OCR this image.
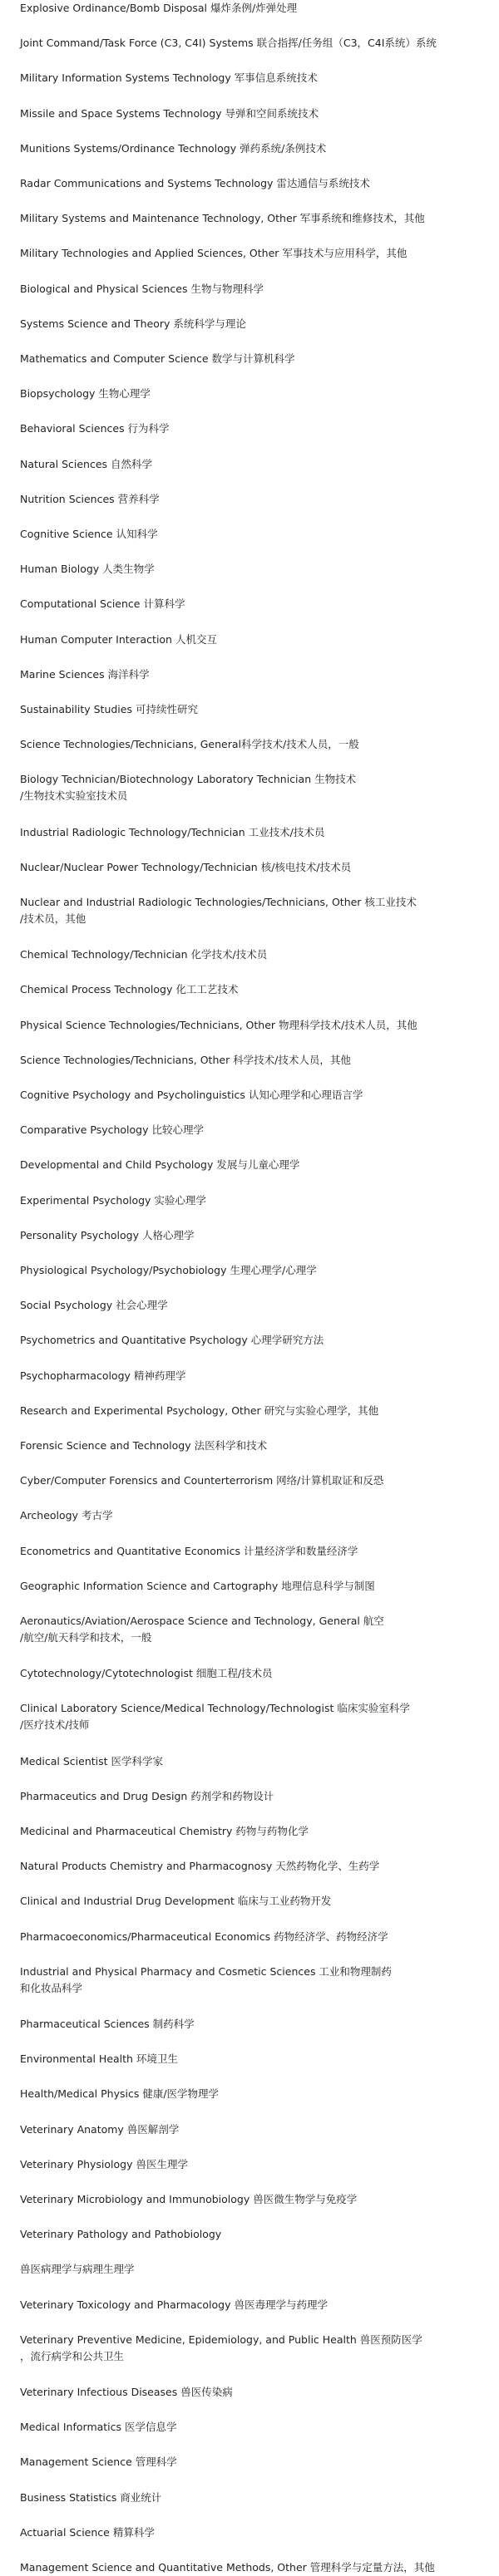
Explosive Ordinance/Bomb Disposal 爆炸条例/炸弹处理
Joint Command/Task Force (C3, C4I) Systems 联合指挥/任务组（C3，C4I系统）系统
Military Information Systems Technology 军事信息系统技术
Missile and Space Systems Technology 导弹和空间系统技术
Munitions Systems/Ordinance Technology 弹药系统/条例技术
Radar Communications and Systems Technology 雷达通信与系统技术
Military Systems and Maintenance Technology, Other 军事系统和维修技术，其他
Military Technologies and Applied Sciences, Other 军事技术与应用科学，其他
Biological and Physical Sciences 生物与物理科学
Systems Science and Theory 系统科学与理论
Mathematics and Computer Science 数学与计算机科学
Biopsychology 生物心理学
Behavioral Sciences 行为科学
Natural Sciences 自然科学
Nutrition Sciences 营养科学
Cognitive Science 认知科学
Human Biology 人类生物学
Computational Science 计算科学
Human Computer Interaction 人机交互
Marine Sciences 海洋科学
Sustainability Studies 可持续性研究
Science Technologies/Technicians, General科学技术/技术人员，一般
Biology Technician/Biotechnology Laboratory Technician 生物技术
/生物技术实验室技术员
Industrial Radiologic Technology/Technician 工业技术/技术员
Nuclear/Nuclear Power Technology/Technician 核/核电技术/技术员
Nuclear and Industrial Radiologic Technologies/Technicians, Other 核工业技术
/技术员，其他
Chemical Technology/Technician 化学技术/技术员
Chemical Process Technology 化工工艺技术
Physical Science Technologies/Technicians, Other 物理科学技术/技术人员，其他
Science Technologies/Technicians, Other 科学技术/技术人员，其他
Cognitive Psychology and Psycholinguistics 认知心理学和心理语言学
Comparative Psychology 比较心理学
Developmental and Child Psychology 发展与儿童心理学
Experimental Psychology 实验心理学
Personality Psychology 人格心理学
Physiological Psychology/Psychobiology 生理心理学/心理学
Social Psychology 社会心理学
Psychometrics and Quantitative Psychology 心理学研究方法
Psychopharmacology 精神药理学
Research and Experimental Psychology, Other 研究与实验心理学，其他
Forensic Science and Technology 法医科学和技术
Cyber/Computer Forensics and Counterterrorism 网络/计算机取证和反恐
Archeology 考古学
Econometrics and Quantitative Economics 计量经济学和数量经济学
Geographic Information Science and Cartography 地理信息科学与制图
Aeronautics/Aviation/Aerospace Science and Technology, General 航空
/航空/航天科学和技术，一般
Cytotechnology/Cytotechnologist 细胞工程/技术员
Clinical Laboratory Science/Medical Technology/Technologist 临床实验室科学
/医疗技术/技师
Medical Scientist 医学科学家
Pharmaceutics and Drug Design 药剂学和药物设计
Medicinal and Pharmaceutical Chemistry 药物与药物化学
Natural Products Chemistry and Pharmacognosy 天然药物化学、生药学
Clinical and Industrial Drug Development 临床与工业药物开发
Pharmacoeconomics/Pharmaceutical Economics 药物经济学、药物经济学
Industrial and Physical Pharmacy and Cosmetic Sciences 工业和物理制药
和化妆品科学
Pharmaceutical Sciences 制药科学
Environmental Health 环境卫生
Health/Medical Physics 健康/医学物理学
Veterinary Anatomy 兽医解剖学
Veterinary Physiology 兽医生理学
Veterinary Microbiology and Immunobiology 兽医微生物学与免疫学
Veterinary Pathology and Pathobiology
兽医病理学与病理生理学
Veterinary Toxicology and Pharmacology 兽医毒理学与药理学
Veterinary Preventive Medicine, Epidemiology, and Public Health 兽医预防医学
，流行病学和公共卫生
Veterinary Infectious Diseases 兽医传染病
Medical Informatics 医学信息学
Management Science 管理科学
Business Statistics 商业统计
Actuarial Science 精算科学
Management Science and Quantitative Methods, Other 管理科学与定量方法，其他
